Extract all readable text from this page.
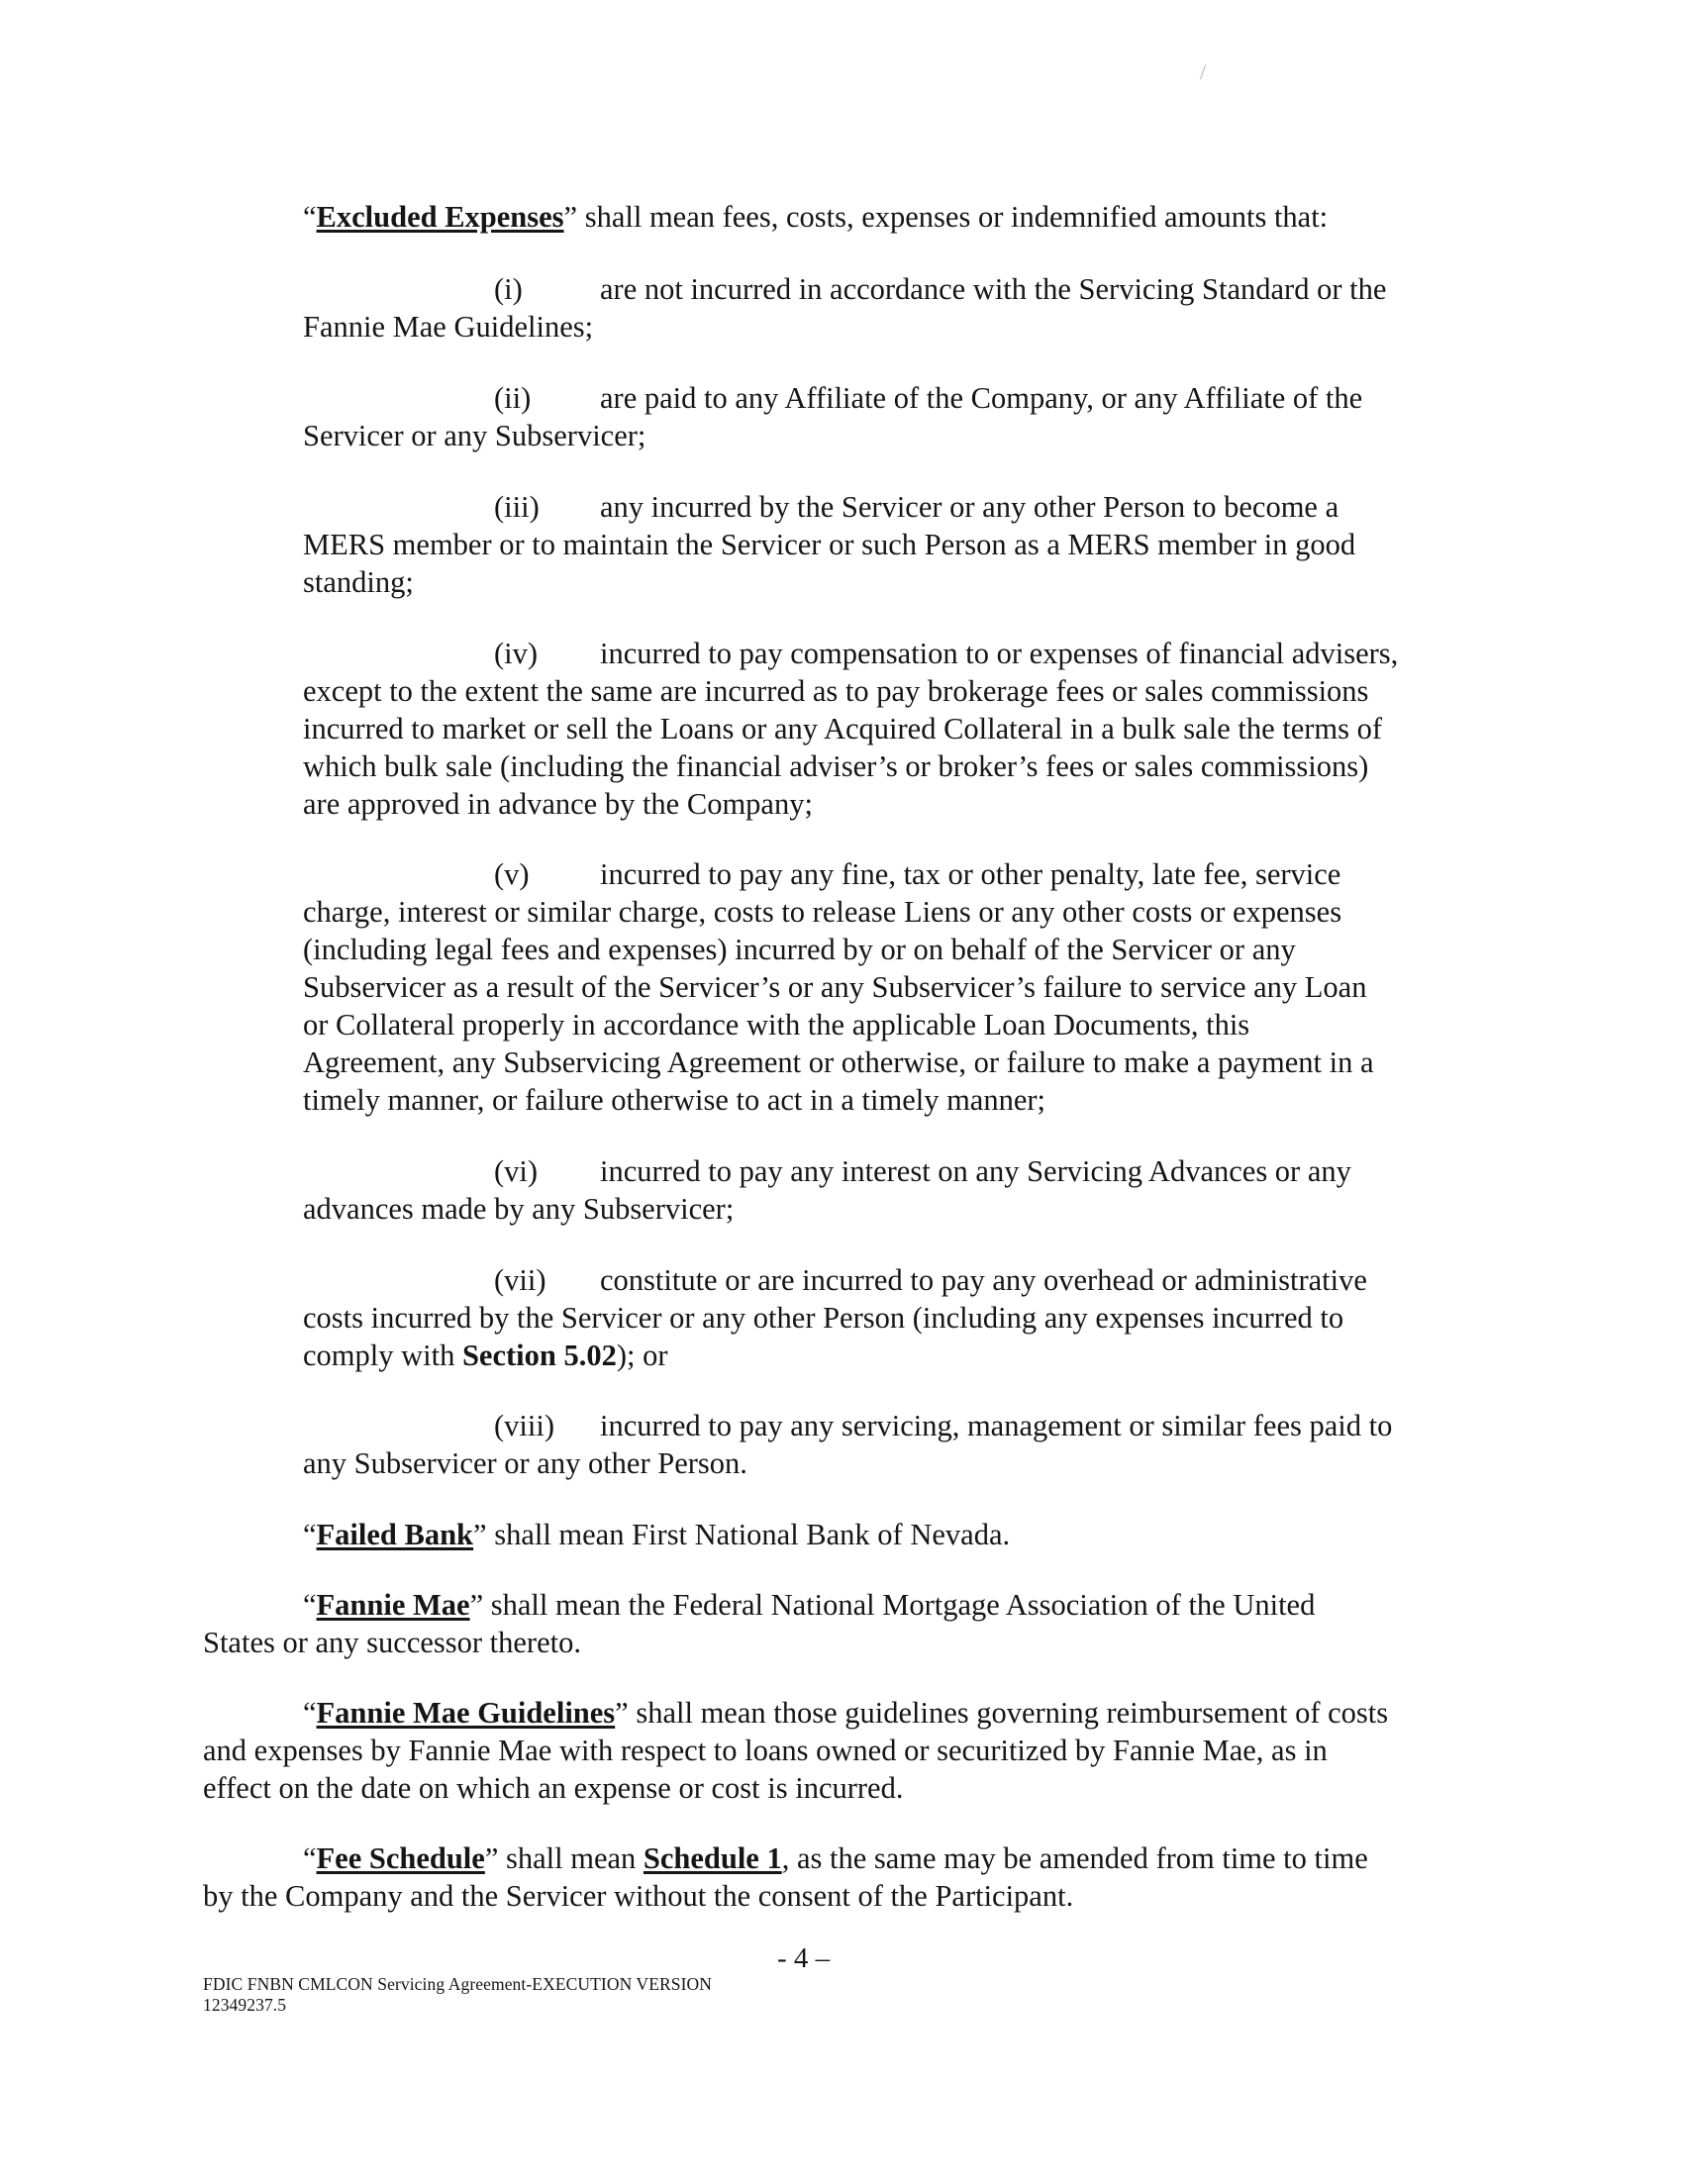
/

“Excluded Expenses” shall mean fees, costs, expenses or indemnified amounts that:

(i)	are not incurred in accordance with the Servicing Standard or the

Fannie Mae Guidelines;

(ii) are paid to any Affiliate of the Company, or any Affiliate of the

Servicer or any Subservicer;

(iii) any incurred by the Servicer or any other Person to become a

MERS member or to maintain the Servicer or such Person as a MERS member in good

standing;

(iv) incurred to pay compensation to or expenses of financial advisers,

except to the extent the same are incurred as to pay brokerage fees or sales commissions

incurred to market or sell the Loans or any Acquired Collateral in a bulk sale the terms of

which bulk sale (including the financial adviser’s or broker’s fees or sales commissions)

are approved in advance by the Company;

(v) incurred to pay any fine, tax or other penalty, late fee, service

charge, interest or similar charge, costs to release Liens or any other costs or expenses

(including legal fees and expenses) incurred by or on behalf of the Servicer or any

Subservicer as a result of the Servicer’s or any Subservicer’s failure to service any Loan

or Collateral properly in accordance with the applicable Loan Documents, this

Agreement, any Subservicing Agreement or otherwise, or failure to make a payment in a

timely manner, or failure otherwise to act in a timely manner;

(vi) incurred to pay any interest on any Servicing Advances or any

advances made by any Subservicer;

(vii) constitute or are incurred to pay any overhead or administrative

costs incurred by the Servicer or any other Person (including any expenses incurred to

comply with Section 5.02); or

(viii) incurred to pay any servicing, management or similar fees paid to

any Subservicer or any other Person.

“Failed Bank” shall mean First National Bank of Nevada.

“Fannie Mae” shall mean the Federal National Mortgage Association of the United

States or any successor thereto.

“Fannie Mae Guidelines” shall mean those guidelines governing reimbursement of costs

and expenses by Fannie Mae with respect to loans owned or securitized by Fannie Mae, as in

effect on the date on which an expense or cost is incurred.

“Fee Schedule” shall mean Schedule 1, as the same may be amended from time to time

by the Company and the Servicer without the consent of the Participant.

- 4 –
FDIC FNBN CMLCON Servicing Agreement-EXECUTION VERSION
12349237.5
